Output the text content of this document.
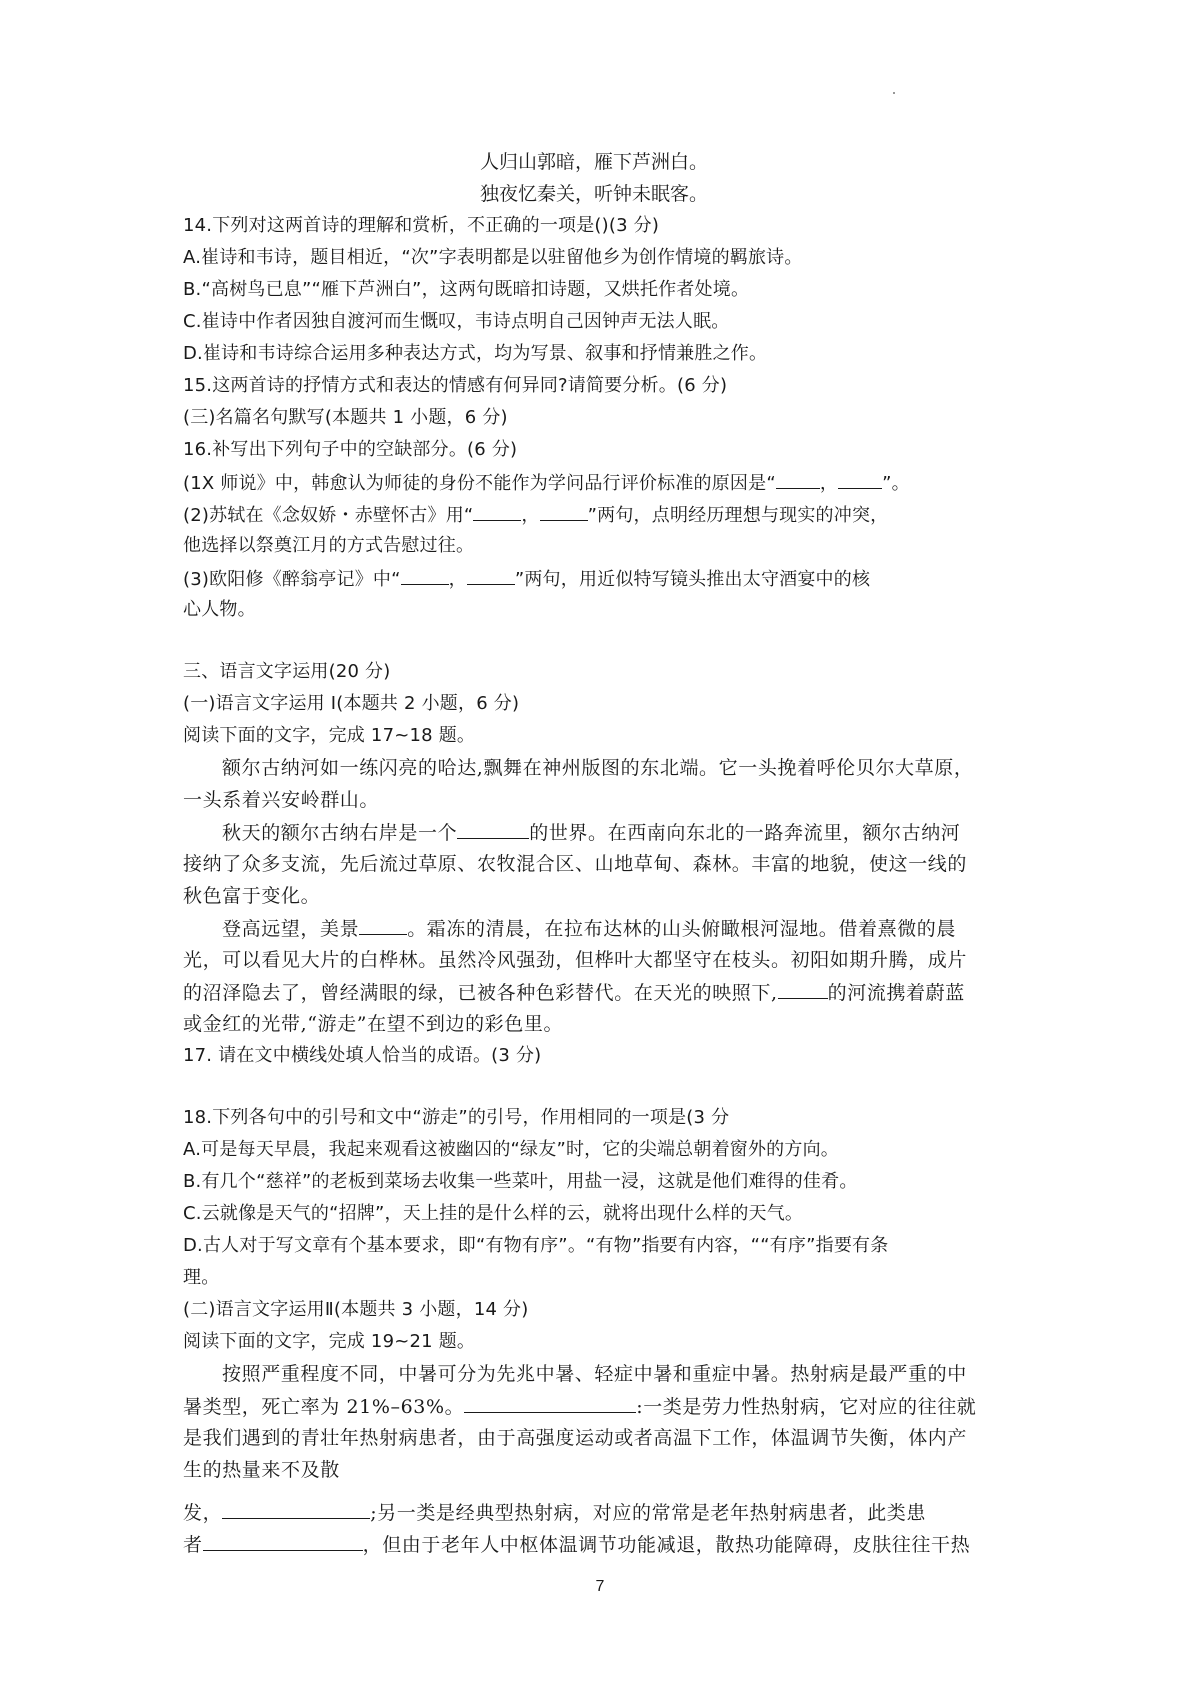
人归山郭暗，雁下芦洲白。
独夜忆秦关，听钟未眠客。
14.下列对这两首诗的理解和赏析，不正确的一项是()(3 分)
A.崔诗和韦诗，题目相近，“次”字表明都是以驻留他乡为创作情境的羁旅诗。
B.“高树鸟已息”“雁下芦洲白”，这两句既暗扣诗题，又烘托作者处境。
C.崔诗中作者因独自渡河而生慨叹，韦诗点明自己因钟声无法人眠。
D.崔诗和韦诗综合运用多种表达方式，均为写景、叙事和抒情兼胜之作。
15.这两首诗的抒情方式和表达的情感有何异同?请简要分析。(6 分)
(三)名篇名句默写(本题共 1 小题，6 分)
16.补写出下列句子中的空缺部分。(6 分)
(1X 师说》中，韩愈认为师徒的身份不能作为学问品行评价标准的原因是“ ， ”。
(2)苏轼在《念奴娇・赤壁怀古》用“	，	”两句，点明经历理想与现实的冲突，
他选择以祭奠江月的方式告慰过往。
(3)欧阳修《醉翁亭记》中“	，	”两句，用近似特写镜头推出太守酒宴中的核
心人物。
三、语言文字运用(20 分)
(一)语言文字运用 I(本题共 2 小题，6 分)
阅读下面的文字，完成 17~18 题。
额尔古纳河如一练闪亮的哈达,飘舞在神州版图的东北端。它一头挽着呼伦贝尔大草原，
一头系着兴安岭群山。
秋天的额尔古纳右岸是一个	的世界。在西南向东北的一路奔流里，额尔古纳河
接纳了众多支流，先后流过草原、农牧混合区、山地草甸、森林。丰富的地貌，使这一线的
秋色富于变化。
登高远望，美景	。霜冻的清晨，在拉布达林的山头俯瞰根河湿地。借着熹微的晨
光，可以看见大片的白桦林。虽然冷风强劲，但桦叶大都坚守在枝头。初阳如期升腾，成片
的沼泽隐去了，曾经满眼的绿，已被各种色彩替代。在天光的映照下,	的河流携着蔚蓝
或金红的光带,“游走”在望不到边的彩色里。
17. 请在文中横线处填人恰当的成语。(3 分)
18.下列各句中的引号和文中“游走”的引号，作用相同的一项是(3 分
A.可是每天早晨，我起来观看这被幽囚的“绿友”时，它的尖端总朝着窗外的方向。
B.有几个“慈祥”的老板到菜场去收集一些菜叶，用盐一浸，这就是他们难得的佳肴。
C.云就像是天气的“招牌”，天上挂的是什么样的云，就将出现什么样的天气。
D.古人对于写文章有个基本要求，即“有物有序”。“有物”指要有内容，““有序”指要有条
理。
(二)语言文字运用Ⅱ(本题共 3 小题，14 分)
阅读下面的文字，完成 19~21 题。
按照严重程度不同，中暑可分为先兆中暑、轻症中暑和重症中暑。热射病是最严重的中
暑类型，死亡率为 21%–63%。	:一类是劳力性热射病，它对应的往往就
是我们遇到的青壮年热射病患者，由于高强度运动或者高温下工作，体温调节失衡，体内产
生的热量来不及散
发，	;另一类是经典型热射病，对应的常常是老年热射病患者，此类患
者	，但由于老年人中枢体温调节功能减退，散热功能障碍，皮肤往往干热
7
